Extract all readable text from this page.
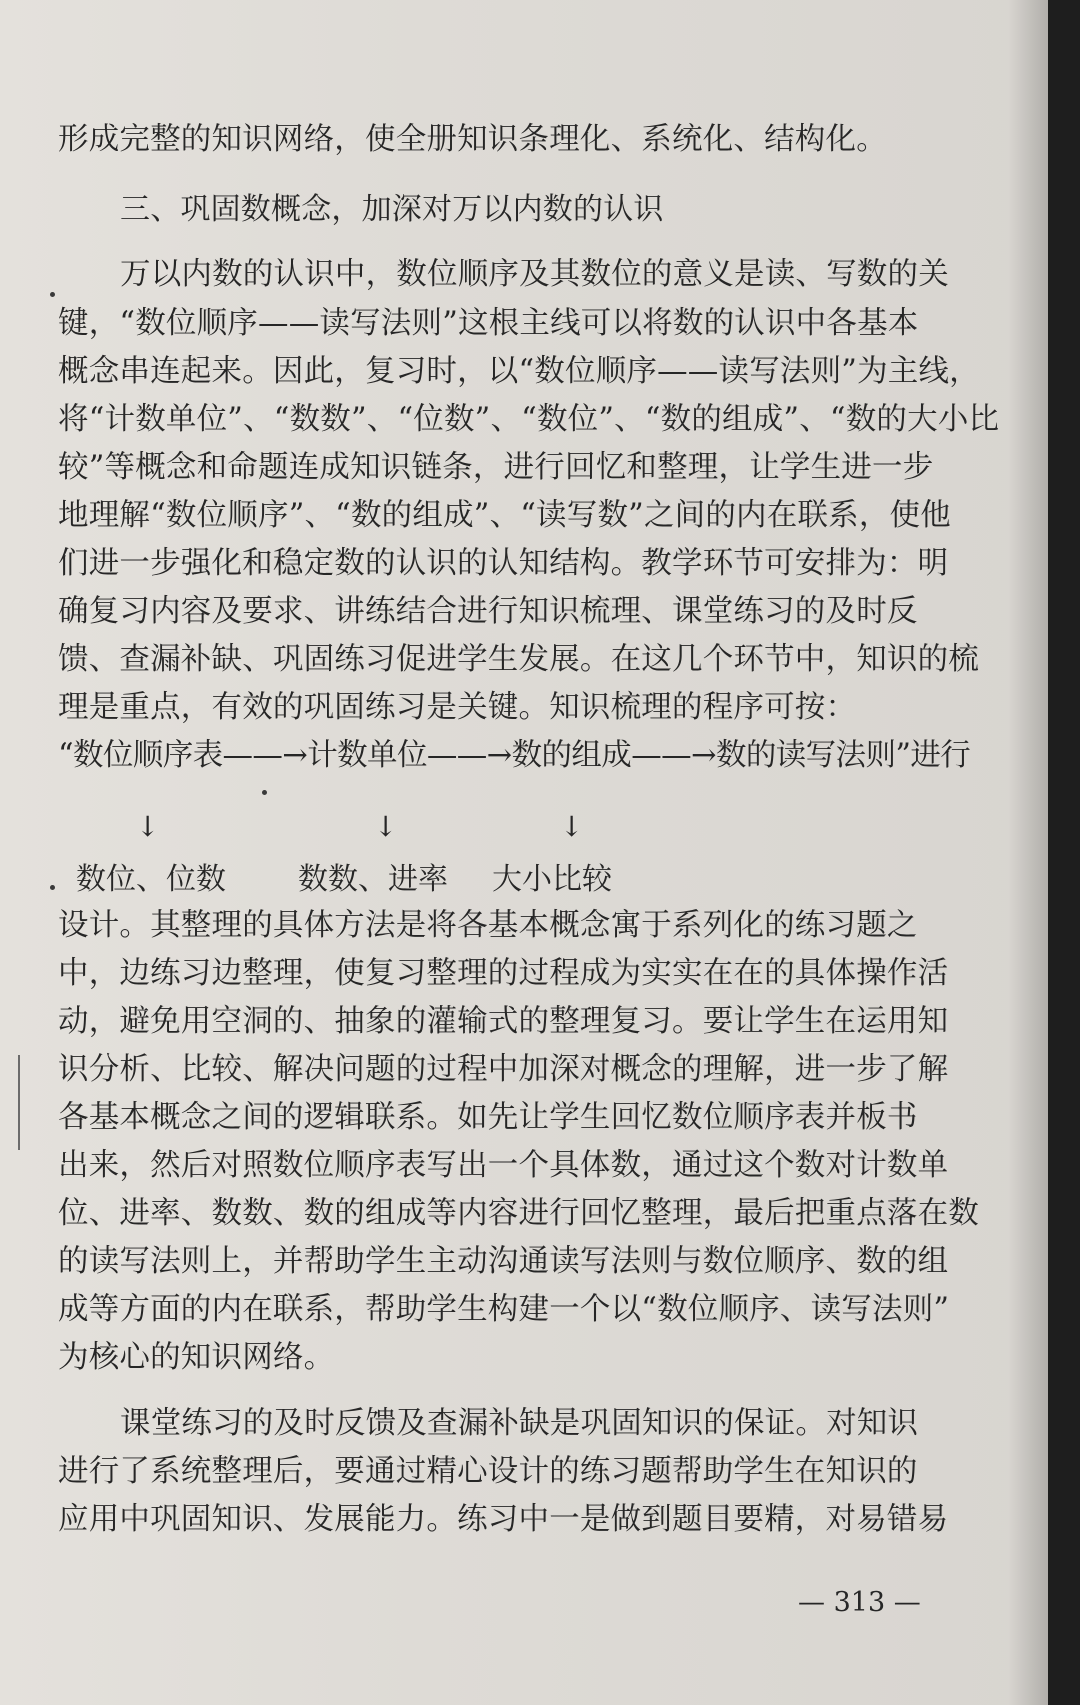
形成完整的知识网络，使全册知识条理化、系统化、结构化。
三、巩固数概念，加深对万以内数的认识
万以内数的认识中，数位顺序及其数位的意义是读、写数的关
键，“数位顺序——读写法则”这根主线可以将数的认识中各基本
概念串连起来。因此，复习时，以“数位顺序——读写法则”为主线，
将“计数单位”、“数数”、“位数”、“数位”、“数的组成”、“数的大小比
较”等概念和命题连成知识链条，进行回忆和整理，让学生进一步
地理解“数位顺序”、“数的组成”、“读写数”之间的内在联系，使他
们进一步强化和稳定数的认识的认知结构。教学环节可安排为：明
确复习内容及要求、讲练结合进行知识梳理、课堂练习的及时反
馈、查漏补缺、巩固练习促进学生发展。在这几个环节中，知识的梳
理是重点，有效的巩固练习是关键。知识梳理的程序可按：
“数位顺序表——→计数单位——→数的组成——→数的读写法则”进行
↓	↓	↓
数位、位数 数数、进率 大小比较
设计。其整理的具体方法是将各基本概念寓于系列化的练习题之
中，边练习边整理，使复习整理的过程成为实实在在的具体操作活
动，避免用空洞的、抽象的灌输式的整理复习。要让学生在运用知
识分析、比较、解决问题的过程中加深对概念的理解，进一步了解
各基本概念之间的逻辑联系。如先让学生回忆数位顺序表并板书
出来，然后对照数位顺序表写出一个具体数，通过这个数对计数单
位、进率、数数、数的组成等内容进行回忆整理，最后把重点落在数
的读写法则上，并帮助学生主动沟通读写法则与数位顺序、数的组
成等方面的内在联系，帮助学生构建一个以“数位顺序、读写法则”
为核心的知识网络。
课堂练习的及时反馈及查漏补缺是巩固知识的保证。对知识
进行了系统整理后，要通过精心设计的练习题帮助学生在知识的
应用中巩固知识、发展能力。练习中一是做到题目要精，对易错易
— 313 —
